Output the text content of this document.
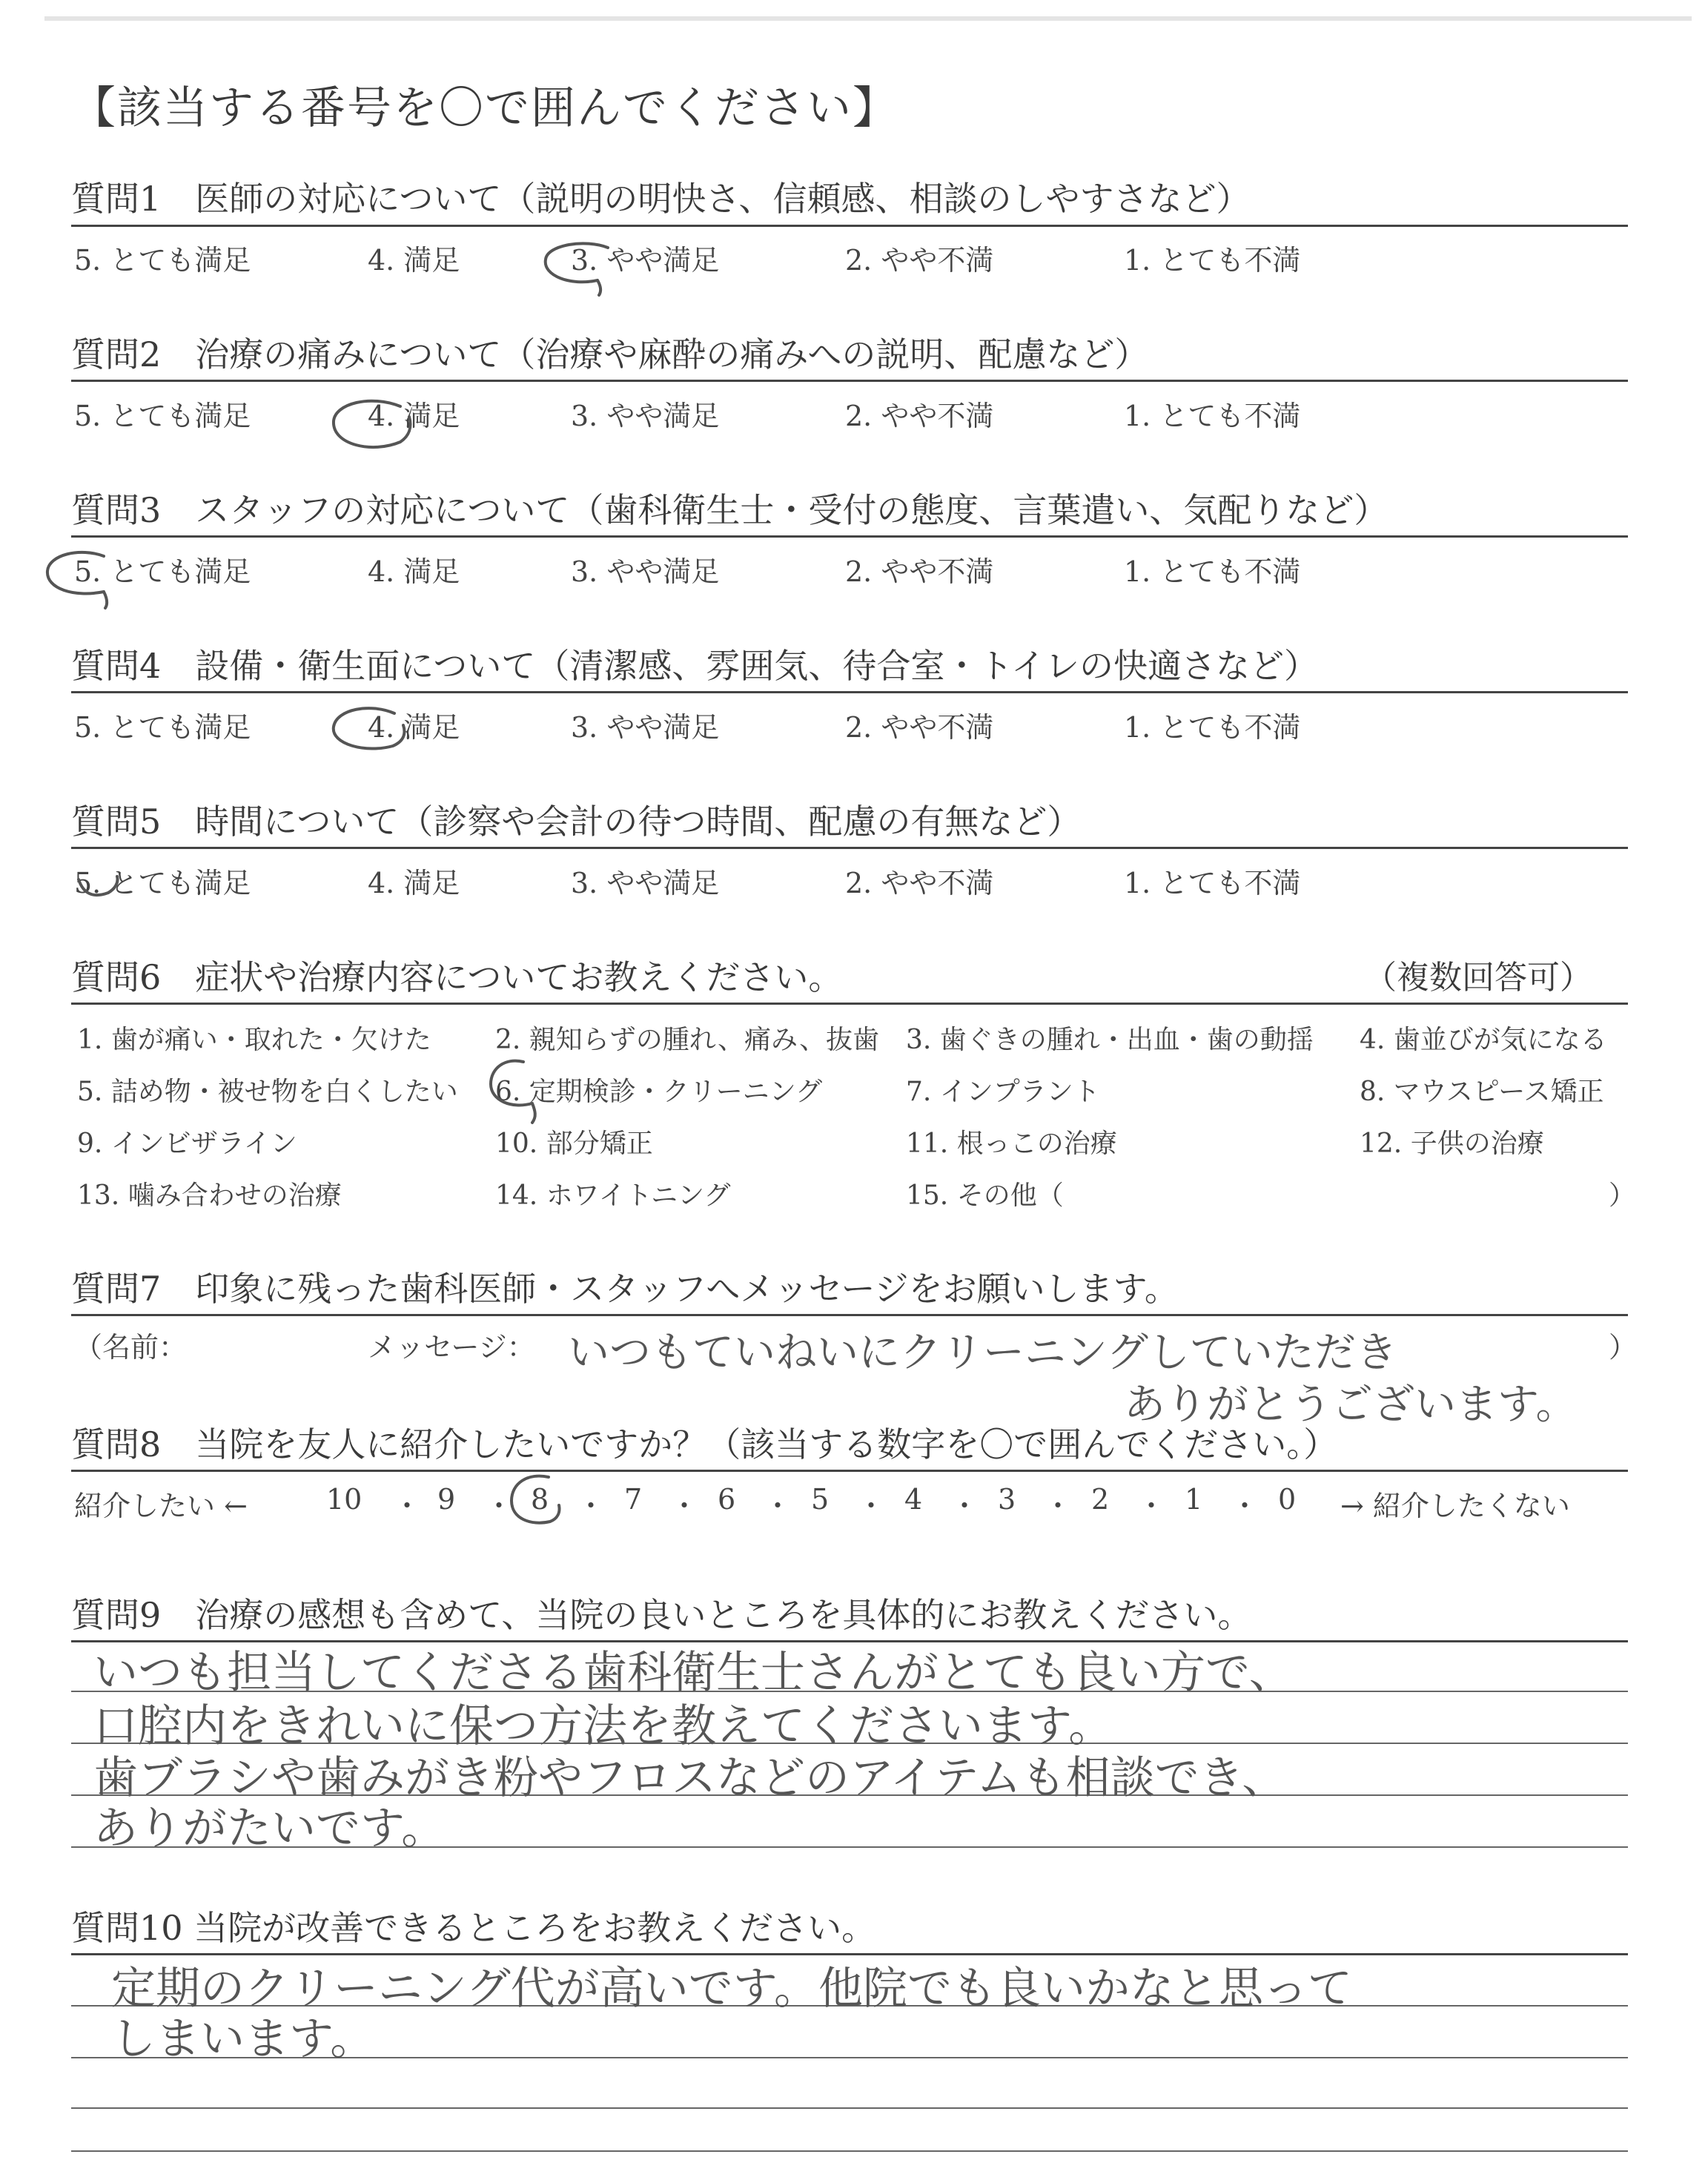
【該当する番号を〇で囲んでください】
質問1　医師の対応について（説明の明快さ、信頼感、相談のしやすさなど）
5. とても満足	4. 満足	3. やや満足	2. やや不満	1. とても不満
質問2　治療の痛みについて（治療や麻酔の痛みへの説明、配慮など）
5. とても満足	4. 満足	3. やや満足	2. やや不満	1. とても不満
質問3　スタッフの対応について（歯科衛生士・受付の態度、言葉遣い、気配りなど）
5. とても満足	4. 満足	3. やや満足	2. やや不満	1. とても不満
質問4　設備・衛生面について（清潔感、雰囲気、待合室・トイレの快適さなど）
5. とても満足	4. 満足	3. やや満足	2. やや不満	1. とても不満
質問5　時間について（診察や会計の待つ時間、配慮の有無など）
5. とても満足	4. 満足	3. やや満足	2. やや不満	1. とても不満
質問6　症状や治療内容についてお教えください。	（複数回答可）
1. 歯が痛い・取れた・欠けた 2. 親知らずの腫れ、痛み、抜歯 3. 歯ぐきの腫れ・出血・歯の動揺 4. 歯並びが気になる
5. 詰め物・被せ物を白くしたい 6. 定期検診・クリーニング	7. インプラント	8. マウスピース矯正
9. インビザライン	10. 部分矯正	11. 根っこの治療	12. 子供の治療
13. 噛み合わせの治療	14. ホワイトニング	15. その他（	）
質問7　印象に残った歯科医師・スタッフへメッセージをお願いします。
（名前：	メッセージ：	）
いつもていねいにクリーニングしていただき
ありがとうございます。
質問8　当院を友人に紹介したいですか？（該当する数字を〇で囲んでください。）
紹介したい ←	10 ・ 9 ・ 8 ・ 7 ・ 6 ・ 5 ・ 4 ・ 3 ・ 2 ・ 1 ・ 0 → 紹介したくない
質問9　治療の感想も含めて、当院の良いところを具体的にお教えください。
いつも担当してくださる歯科衛生士さんがとても良い方で、
口腔内をきれいに保つ方法を教えてくださいます。
歯ブラシや歯みがき粉やフロスなどのアイテムも相談でき、
ありがたいです。
質問10 当院が改善できるところをお教えください。
定期のクリーニング代が高いです。他院でも良いかなと思って
しまいます。
